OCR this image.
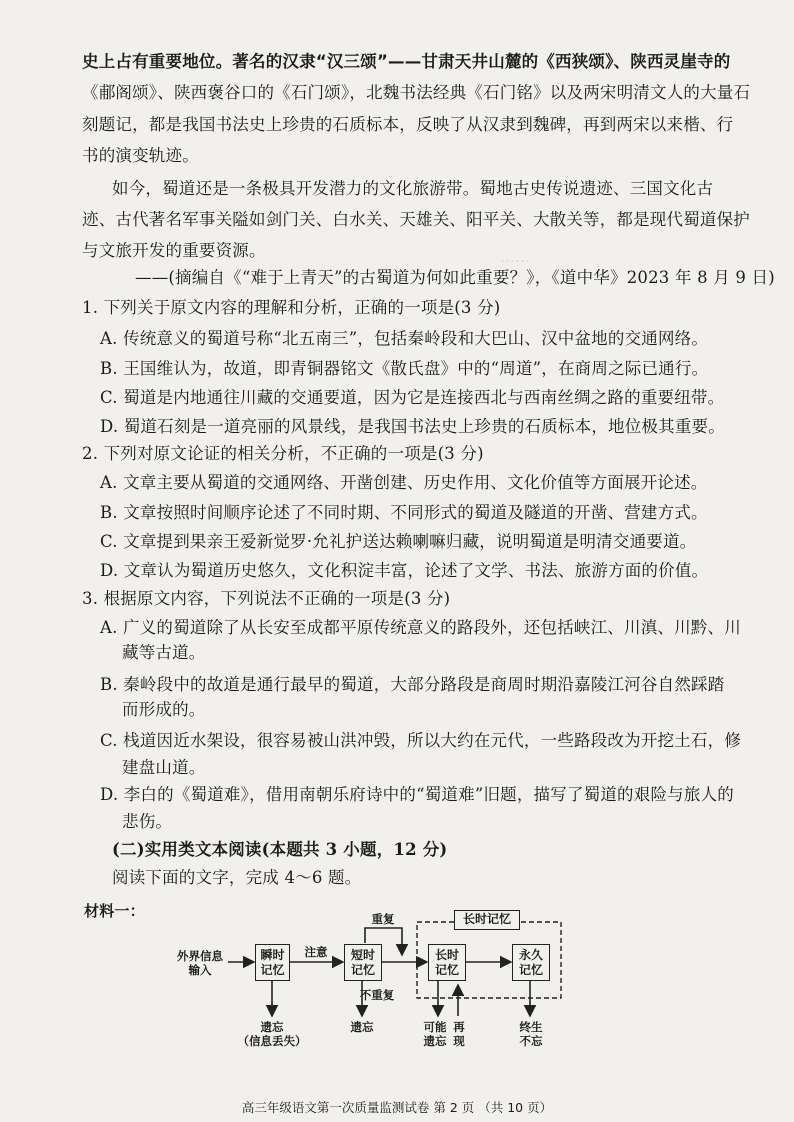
……
史上占有重要地位。著名的汉隶“汉三颂”——甘肃天井山麓的《西狭颂》、陕西灵崖寺的
《郙阁颂》、陕西褒谷口的《石门颂》，北魏书法经典《石门铭》以及两宋明清文人的大量石
刻题记，都是我国书法史上珍贵的石质标本，反映了从汉隶到魏碑，再到两宋以来楷、行
书的演变轨迹。
如今，蜀道还是一条极具开发潜力的文化旅游带。蜀地古史传说遗迹、三国文化古
迹、古代著名军事关隘如剑门关、白水关、天雄关、阳平关、大散关等，都是现代蜀道保护
与文旅开发的重要资源。
——(摘编自《“难于上青天”的古蜀道为何如此重要？》，《道中华》2023 年 8 月 9 日)
1. 下列关于原文内容的理解和分析，正确的一项是(3 分)
A. 传统意义的蜀道号称“北五南三”，包括秦岭段和大巴山、汉中盆地的交通网络。
B. 王国维认为，故道，即青铜器铭文《散氏盘》中的“周道”，在商周之际已通行。
C. 蜀道是内地通往川藏的交通要道，因为它是连接西北与西南丝绸之路的重要纽带。
D. 蜀道石刻是一道亮丽的风景线，是我国书法史上珍贵的石质标本，地位极其重要。
2. 下列对原文论证的相关分析，不正确的一项是(3 分)
A. 文章主要从蜀道的交通网络、开凿创建、历史作用、文化价值等方面展开论述。
B. 文章按照时间顺序论述了不同时期、不同形式的蜀道及隧道的开凿、营建方式。
C. 文章提到果亲王爱新觉罗·允礼护送达赖喇嘛归藏，说明蜀道是明清交通要道。
D. 文章认为蜀道历史悠久，文化积淀丰富，论述了文学、书法、旅游方面的价值。
3. 根据原文内容，下列说法不正确的一项是(3 分)
A. 广义的蜀道除了从长安至成都平原传统意义的路段外，还包括峡江、川滇、川黔、川
藏等古道。
B. 秦岭段中的故道是通行最早的蜀道，大部分路段是商周时期沿嘉陵江河谷自然踩踏
而形成的。
C. 栈道因近水架设，很容易被山洪冲毁，所以大约在元代，一些路段改为开挖土石，修
建盘山道。
D. 李白的《蜀道难》，借用南朝乐府诗中的“蜀道难”旧题，描写了蜀道的艰险与旅人的
悲伤。
(二)实用类文本阅读(本题共 3 小题，12 分)
阅读下面的文字，完成 4～6 题。
材料一：
外界信息
输入
瞬时
记忆
注意	短时
记忆
重复	长时记忆
长时
记忆
永久
记忆
不重复
遗忘
（信息丢失）
遗忘	可能
遗忘
再
现
终生
不忘
高三年级语文第一次质量监测试卷 第 2 页 （共 10 页）
